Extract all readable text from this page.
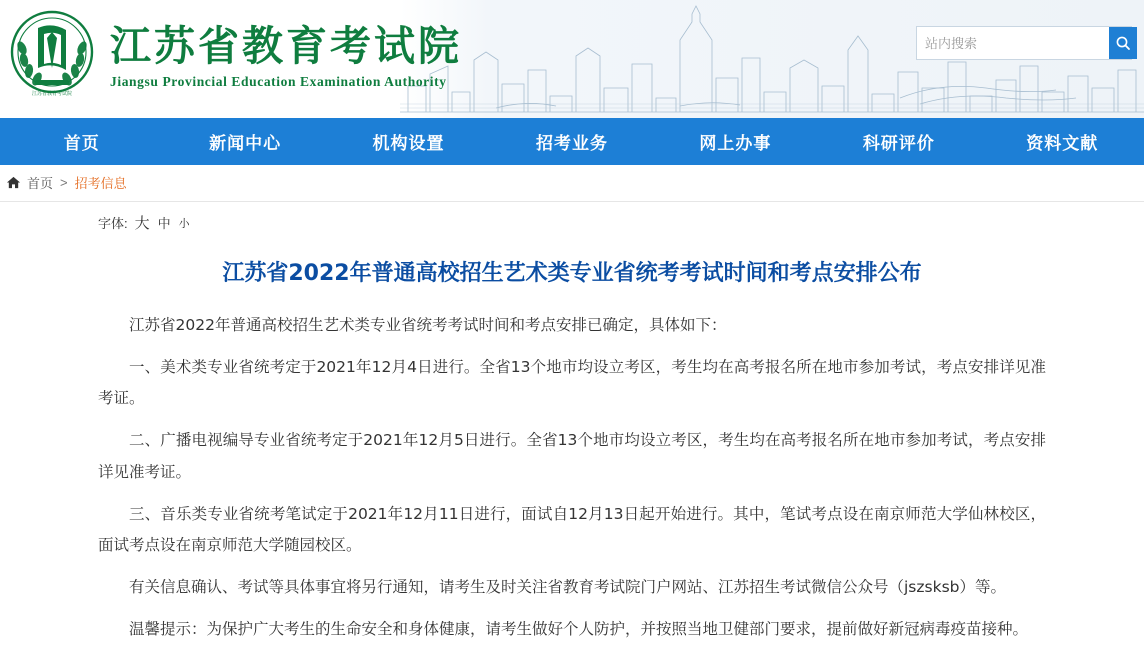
江苏省教育考试院
江苏省教育考试院
Jiangsu Provincial Education Examination Authority
站内搜索
首页	新闻中心	机构设置	招考业务	网上办事	科研评价	资料文献
首页 > 招考信息
字体: 大 中 小
江苏省2022年普通高校招生艺术类专业省统考考试时间和考点安排公布

江苏省2022年普通高校招生艺术类专业省统考考试时间和考点安排已确定，具体如下：

一、美术类专业省统考定于2021年12月4日进行。全省13个地市均设立考区，考生均在高考报名所在地市参加考试，考点安排详见准考证。

二、广播电视编导专业省统考定于2021年12月5日进行。全省13个地市均设立考区，考生均在高考报名所在地市参加考试，考点安排详见准考证。

三、音乐类专业省统考笔试定于2021年12月11日进行，面试自12月13日起开始进行。其中，笔试考点设在南京师范大学仙林校区，面试考点设在南京师范大学随园校区。

有关信息确认、考试等具体事宜将另行通知，请考生及时关注省教育考试院门户网站、江苏招生考试微信公众号（jszsksb）等。

温馨提示：为保护广大考生的生命安全和身体健康，请考生做好个人防护，并按照当地卫健部门要求，提前做好新冠病毒疫苗接种。
